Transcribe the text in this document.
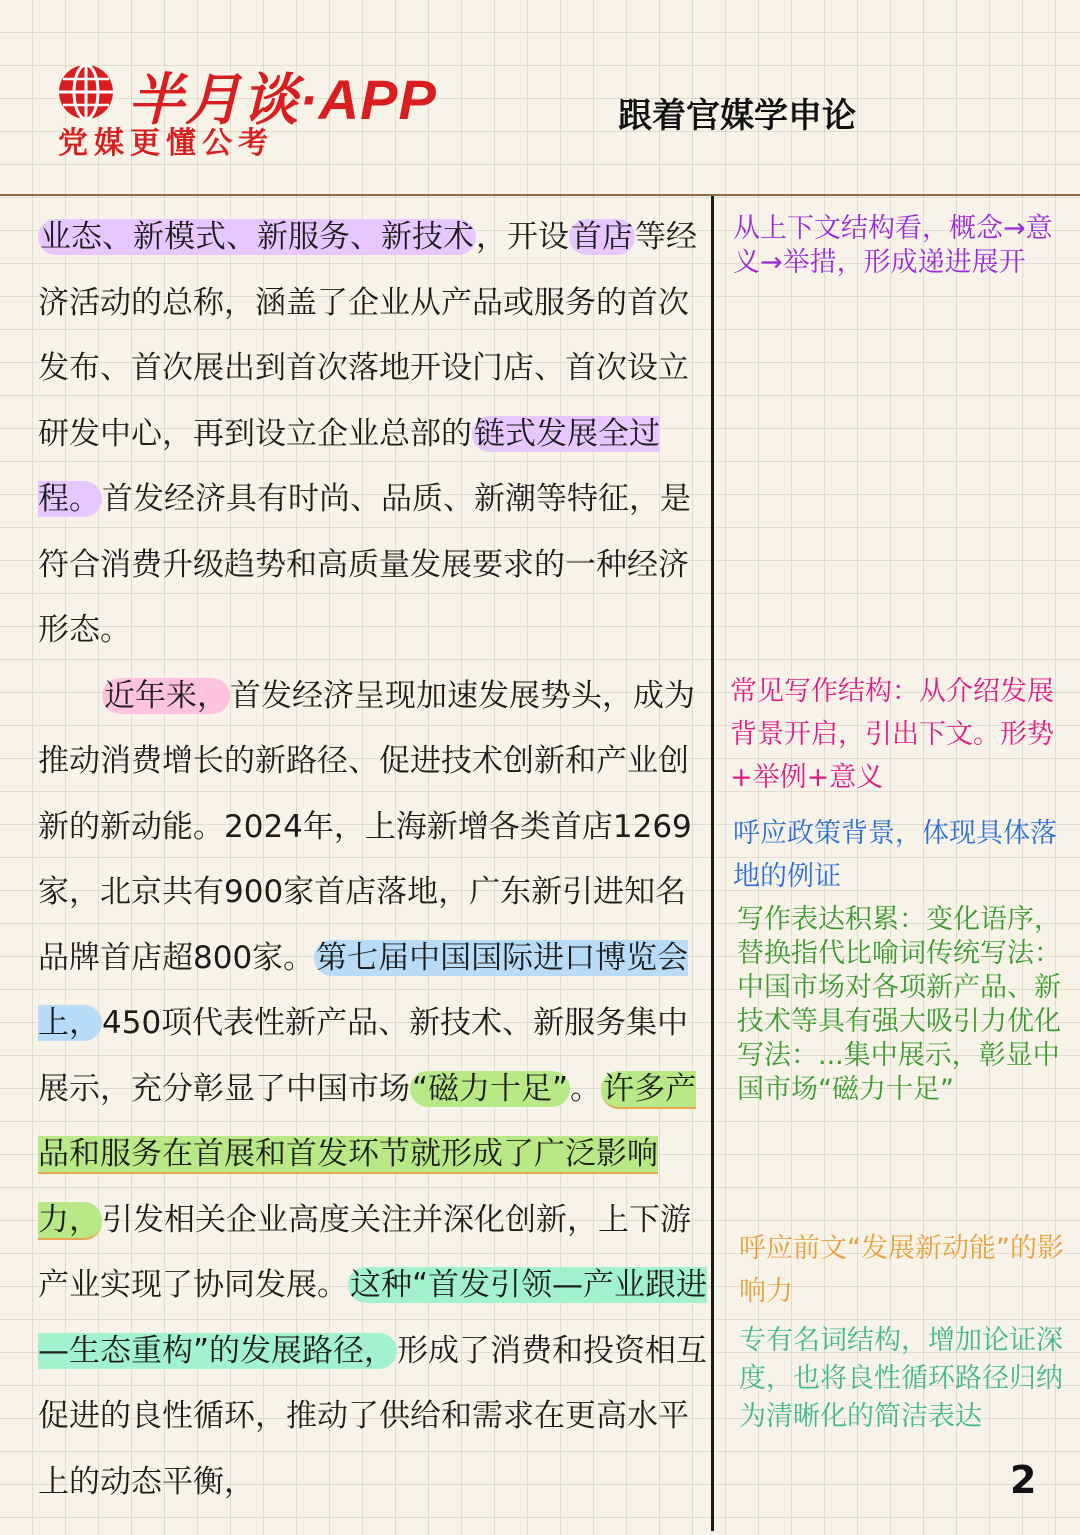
半月谈·APP
党媒更懂公考
跟着官媒学申论

业态、新模式、新服务、新技术，开设首店等经济活动的总称，涵盖了企业从产品或服务的首次发布、首次展出到首次落地开设门店、首次设立研发中心，再到设立企业总部的链式发展全过程。首发经济具有时尚、品质、新潮等特征，是符合消费升级趋势和高质量发展要求的一种经济形态。

近年来，首发经济呈现加速发展势头，成为推动消费增长的新路径、促进技术创新和产业创新的新动能。2024年，上海新增各类首店1269家，北京共有900家首店落地，广东新引进知名品牌首店超800家。第七届中国国际进口博览会上，450项代表性新产品、新技术、新服务集中展示，充分彰显了中国市场“磁力十足”。许多产品和服务在首展和首发环节就形成了广泛影响力，引发相关企业高度关注并深化创新，上下游产业实现了协同发展。这种“首发引领—产业跟进—生态重构”的发展路径，形成了消费和投资相互促进的良性循环，推动了供给和需求在更高水平上的动态平衡，

从上下文结构看，概念→意义→举措，形成递进展开
常见写作结构：从介绍发展背景开启，引出下文。形势+举例+意义
呼应政策背景，体现具体落地的例证
写作表达积累：变化语序，替换指代比喻词传统写法：中国市场对各项新产品、新技术等具有强大吸引力优化写法：...集中展示，彰显中国市场“磁力十足”
呼应前文“发展新动能”的影响力
专有名词结构，增加论证深度，也将良性循环路径归纳为清晰化的简洁表达
2
